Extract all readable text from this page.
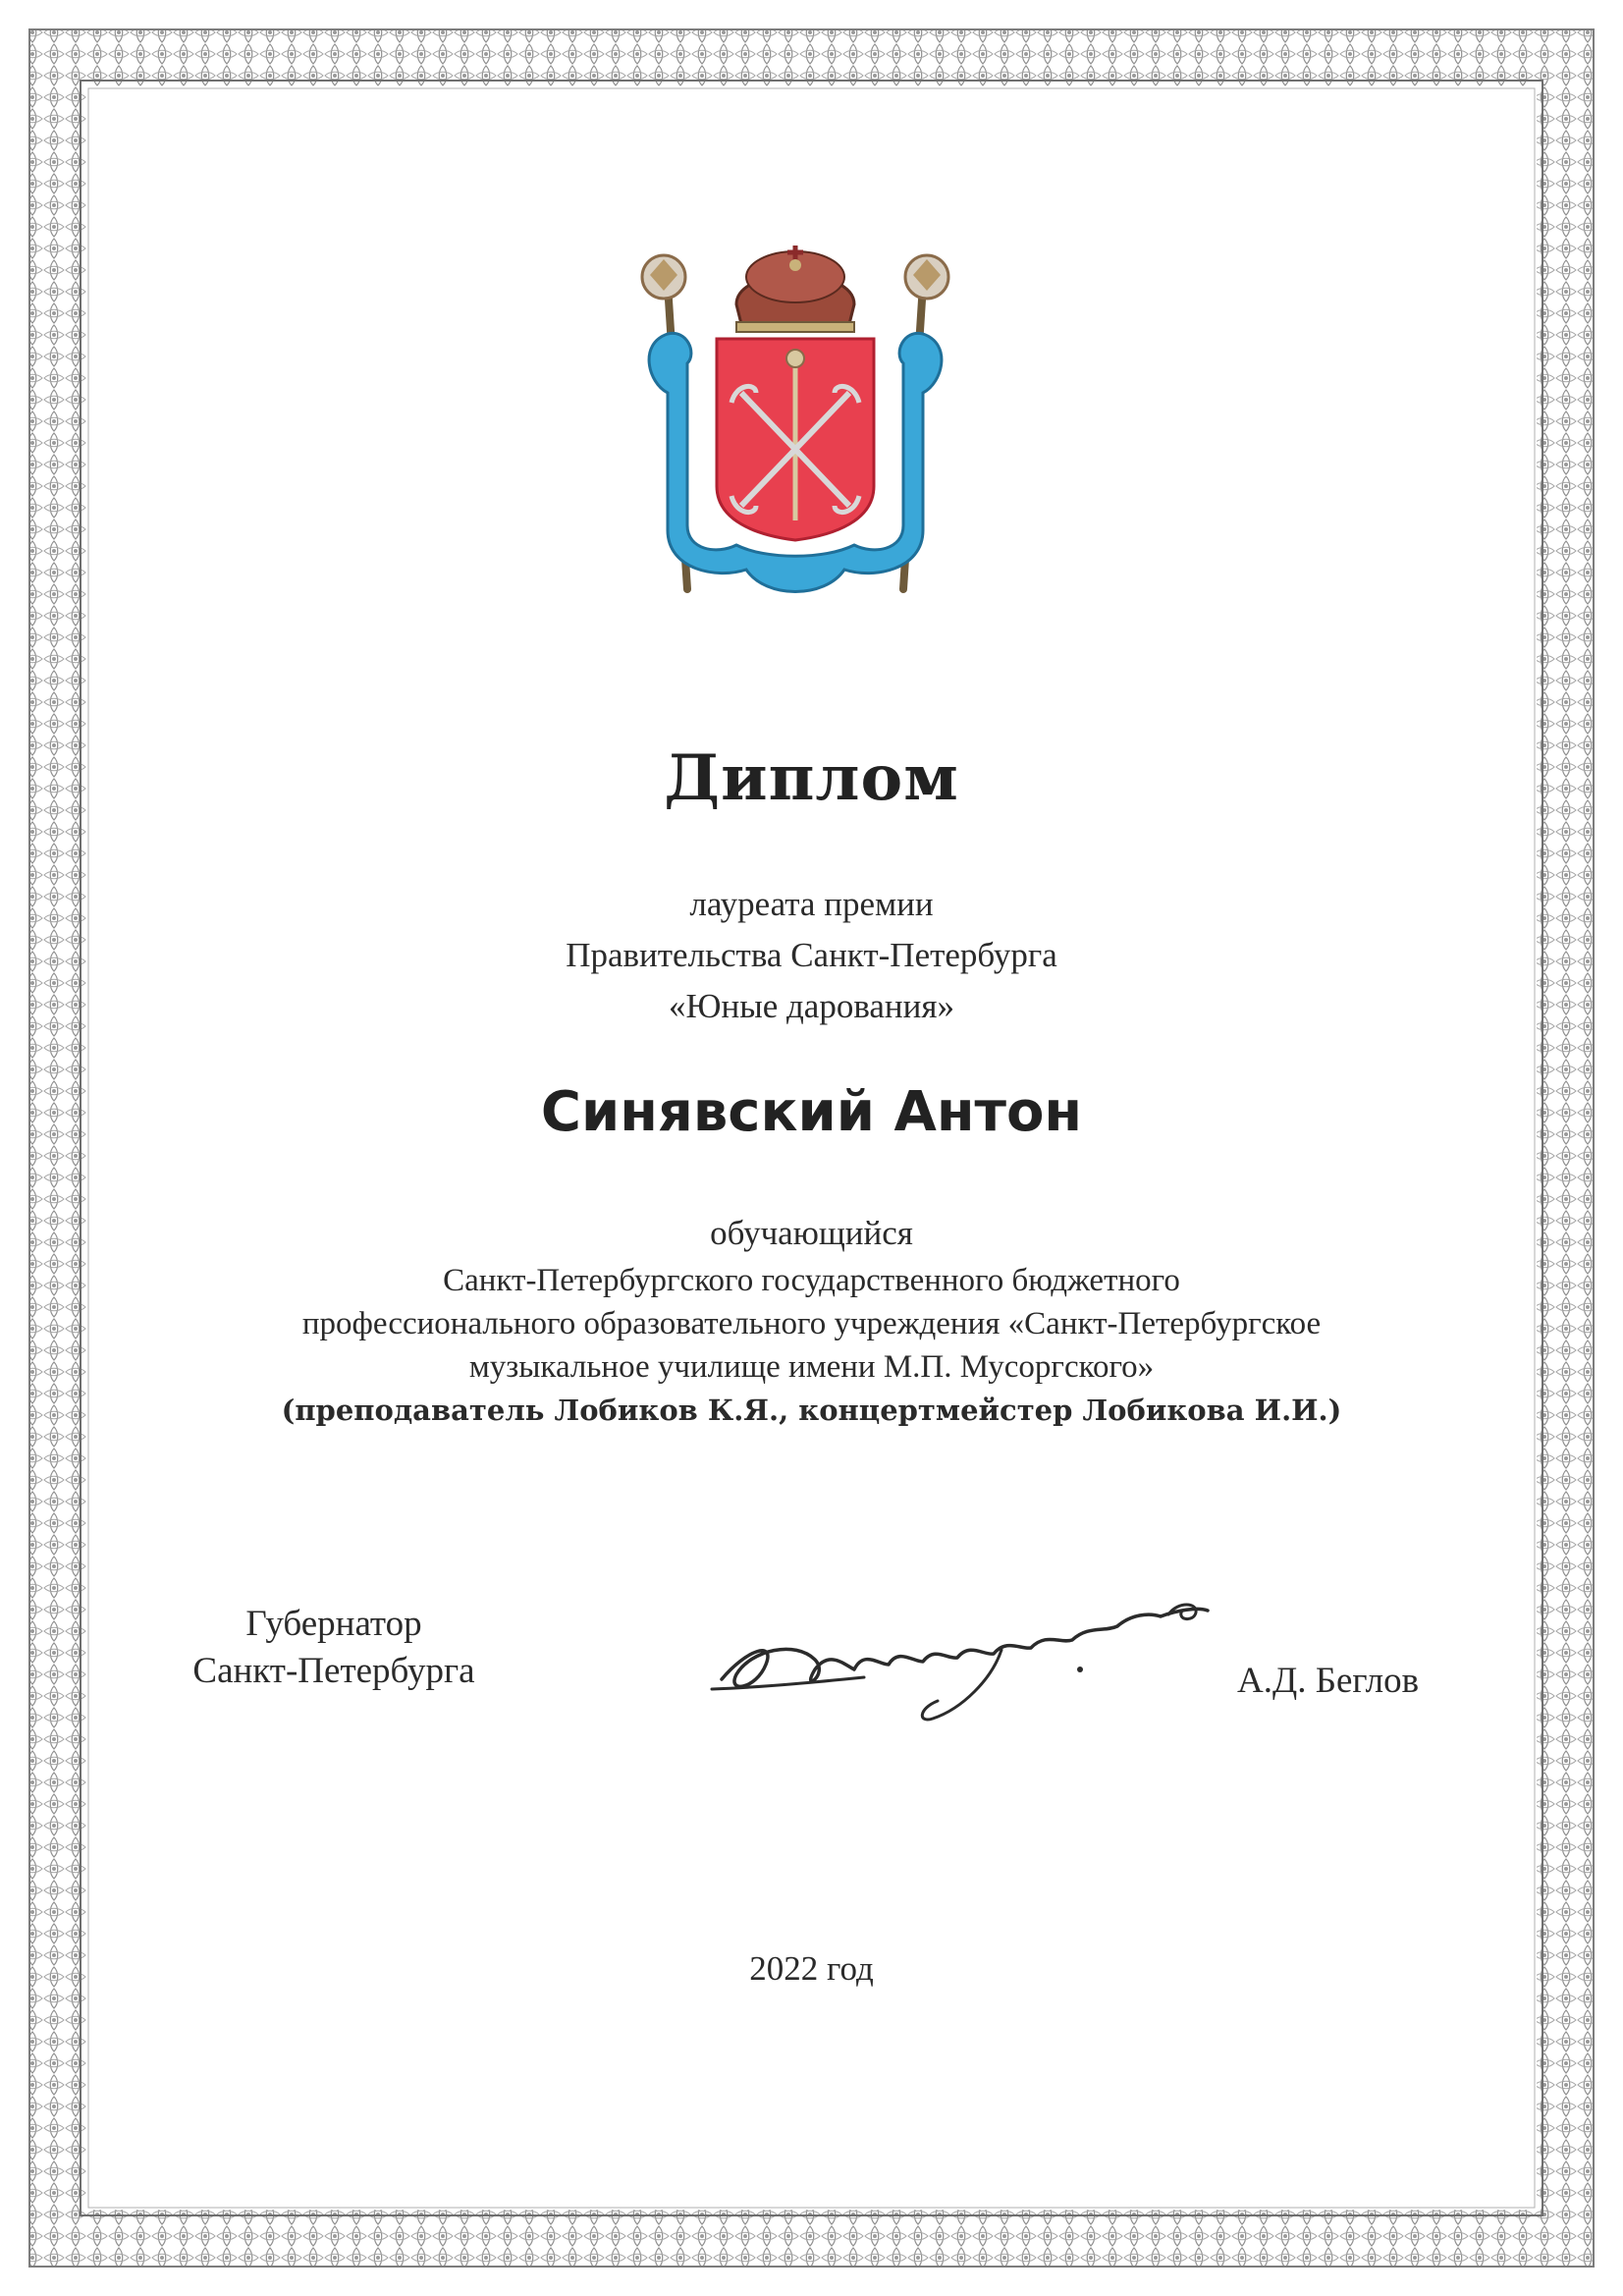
Диплом
лауреата премии
Правительства Санкт-Петербурга
«Юные дарования»
Синявский Антон
обучающийся
Санкт-Петербургского государственного бюджетного
профессионального образовательного учреждения «Санкт-Петербургское
музыкальное училище имени М.П. Мусоргского»
(преподаватель Лобиков К.Я., концертмейстер Лобикова И.И.)
Губернатор
Санкт-Петербурга	А.Д. Беглов
2022 год
